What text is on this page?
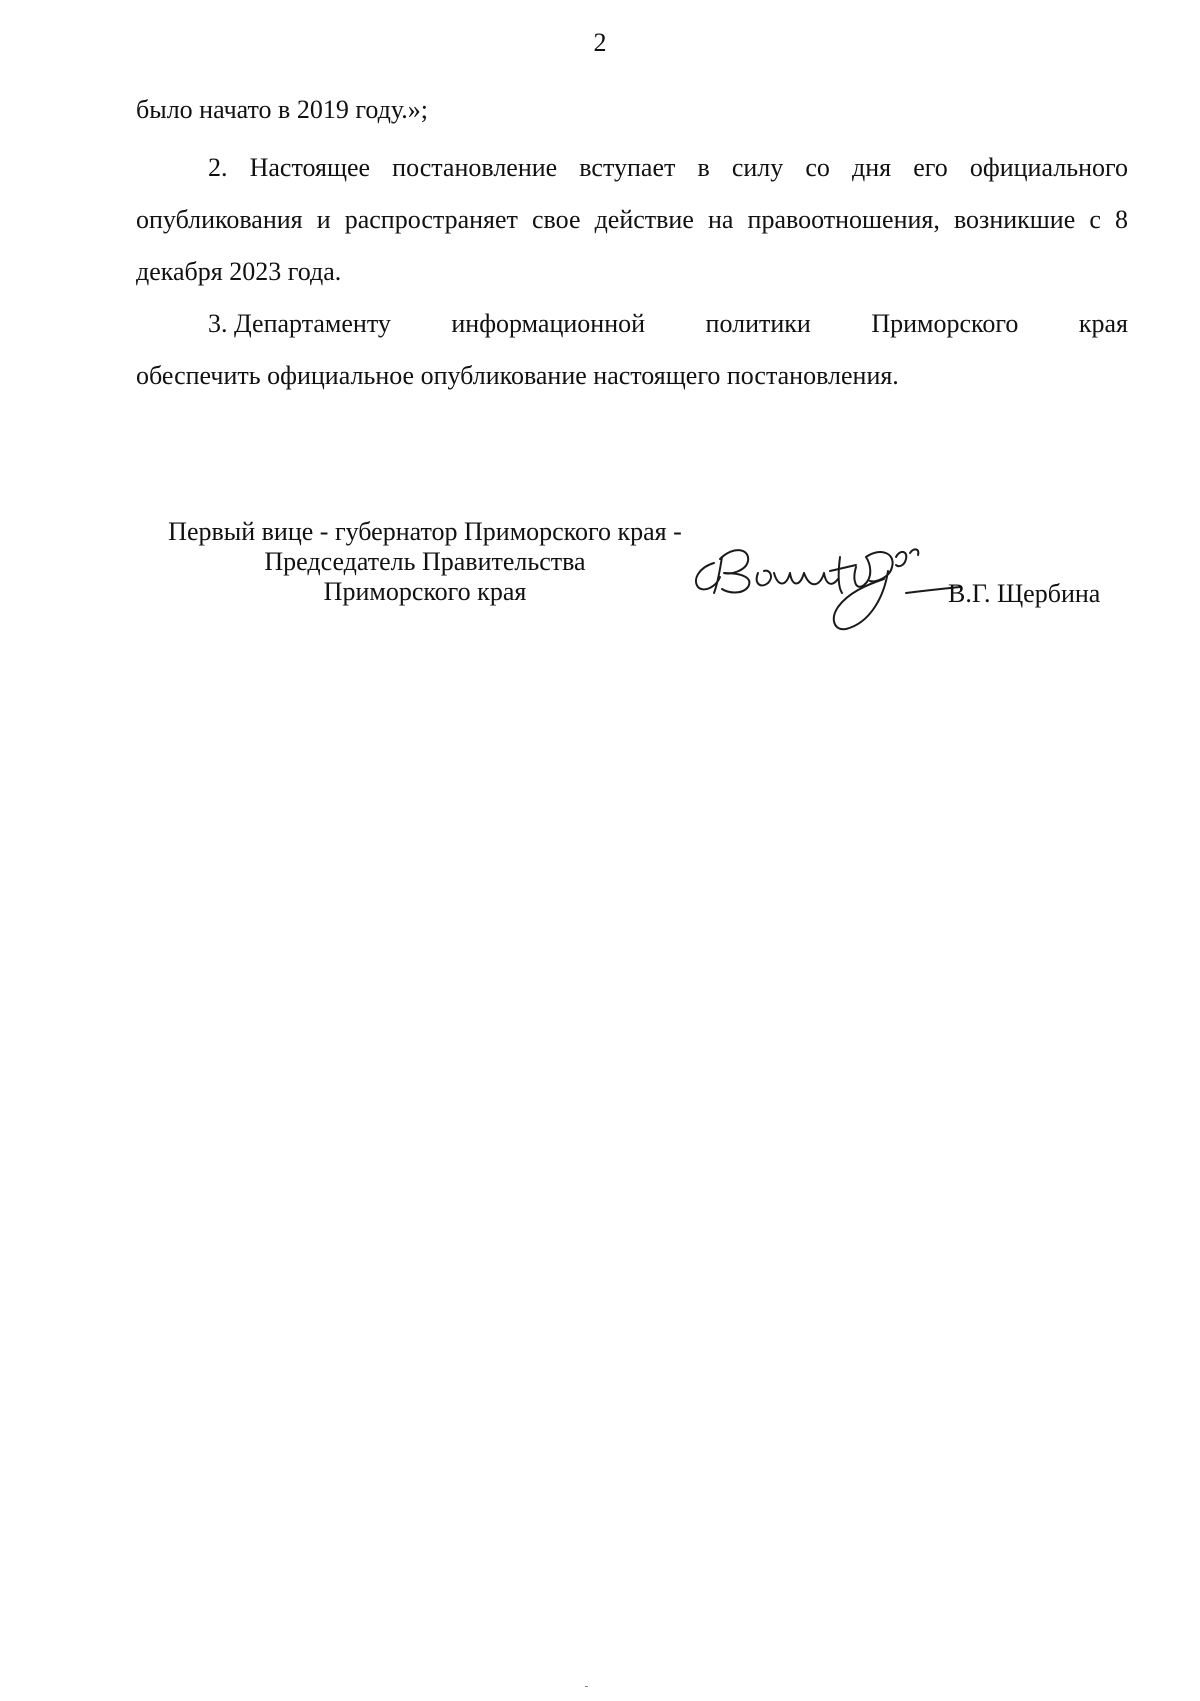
2

было начато в 2019 году.»;

2. Настоящее постановление вступает в силу со дня его официального опубликования и распространяет свое действие на правоотношения, возникшие с 8 декабря 2023 года.

3. Департаменту информационной политики Приморского края
обеспечить официальное опубликование настоящего постановления.
Первый вице - губернатор Приморского края -
Председатель Правительства
Приморского края	В.Г. Щербина
